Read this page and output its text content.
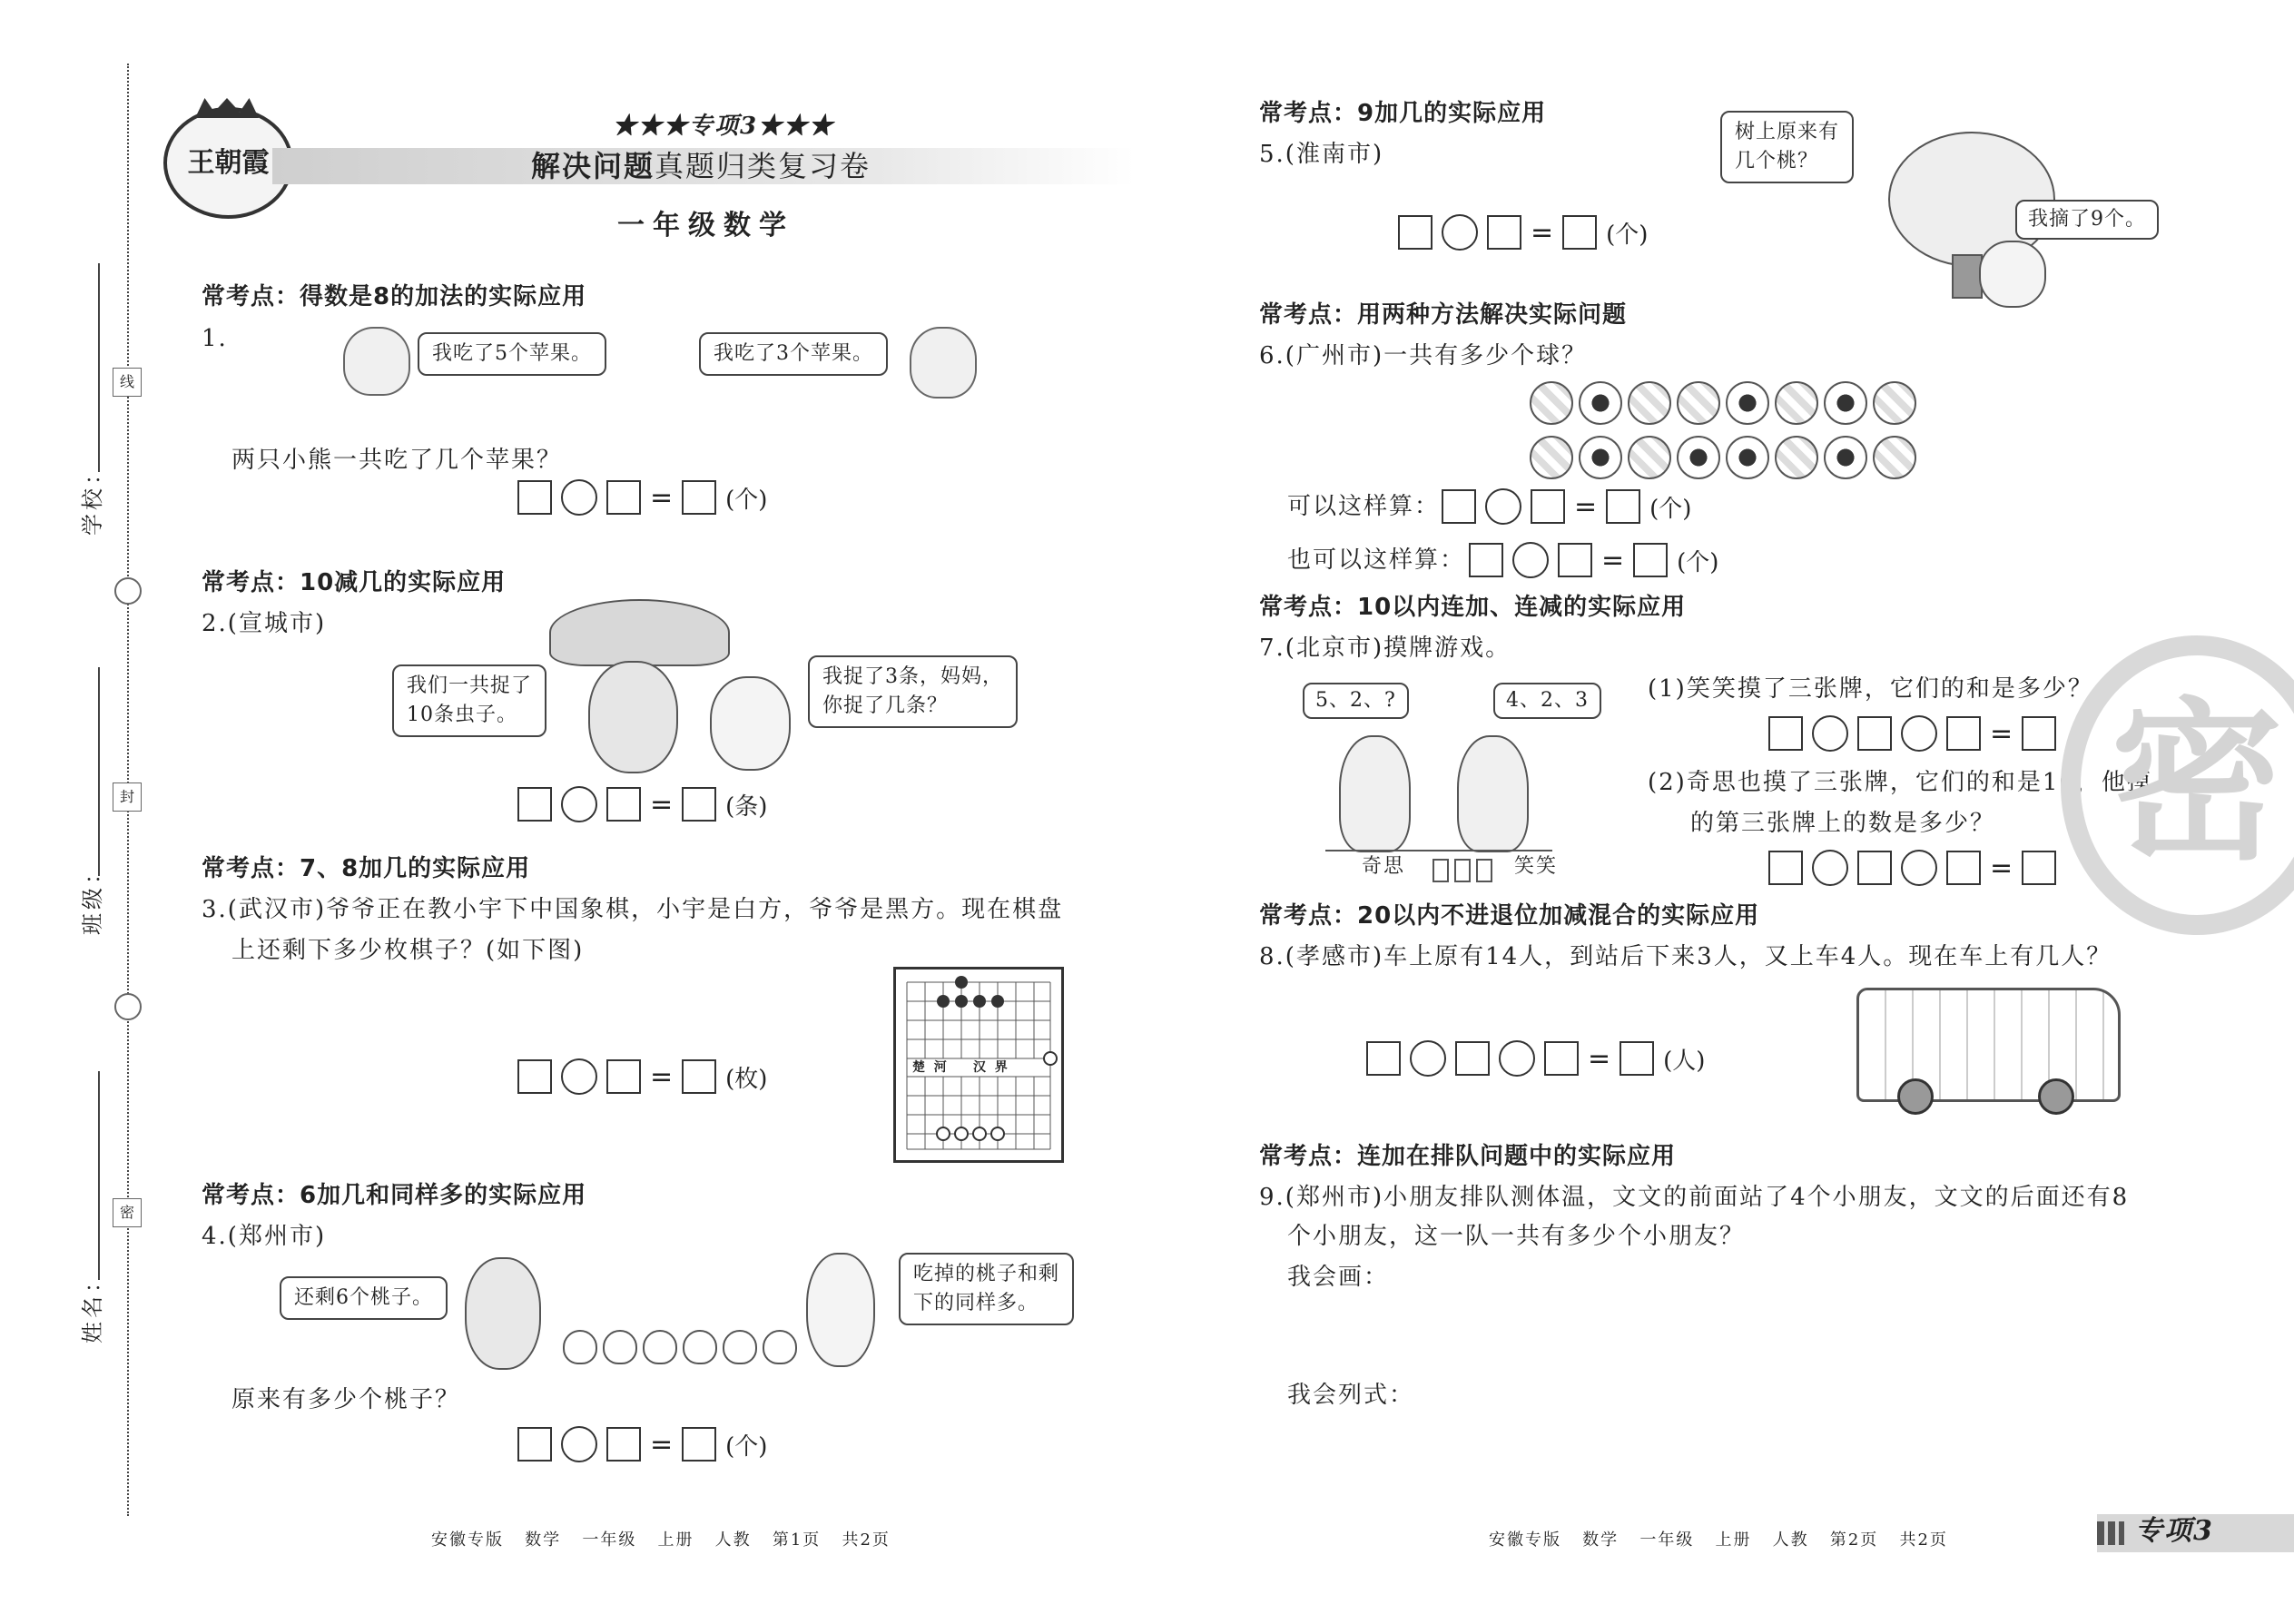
学校：
班级：
姓名：
线
封
密
王朝霞
★★★专项3★★★
解决问题真题归类复习卷
一年级数学
常考点：得数是8的加法的实际应用
1.
我吃了5个苹果。	我吃了3个苹果。
两只小熊一共吃了几个苹果？
= (个)
常考点：10减几的实际应用
2.(宣城市)
我们一共捉了
10条虫子。
我捉了3条，妈妈，
你捉了几条？
= (条)
常考点：7、8加几的实际应用
3.(武汉市)爷爷正在教小宇下中国象棋，小宇是白方，爷爷是黑方。现在棋盘
上还剩下多少枚棋子？(如下图)
= (枚)	楚  河      汉  界
常考点：6加几和同样多的实际应用
4.(郑州市)
还剩6个桃子。
吃掉的桃子和剩
下的同样多。
原来有多少个桃子？
= (个)
常考点：9加几的实际应用
5.(淮南市)
树上原来有
几个桃？
我摘了9个。
= (个)
常考点：用两种方法解决实际问题
6.(广州市)一共有多少个球？
可以这样算：	= (个)
也可以这样算：	= (个)
常考点：10以内连加、连减的实际应用
7.(北京市)摸牌游戏。
5、2、?	4、2、3
奇思	笑笑
(1)笑笑摸了三张牌，它们的和是多少？
=
(2)奇思也摸了三张牌，它们的和是10，他摸
的第三张牌上的数是多少？
= 密
常考点：20以内不进退位加减混合的实际应用
8.(孝感市)车上原有14人，到站后下来3人，又上车4人。现在车上有几人？
= (人)
常考点：连加在排队问题中的实际应用
9.(郑州市)小朋友排队测体温，文文的前面站了4个小朋友，文文的后面还有8
个小朋友，这一队一共有多少个小朋友？
我会画：
我会列式：
安徽专版   数学   一年级   上册   人教   第1页   共2页	安徽专版   数学   一年级   上册   人教   第2页   共2页	专项3
